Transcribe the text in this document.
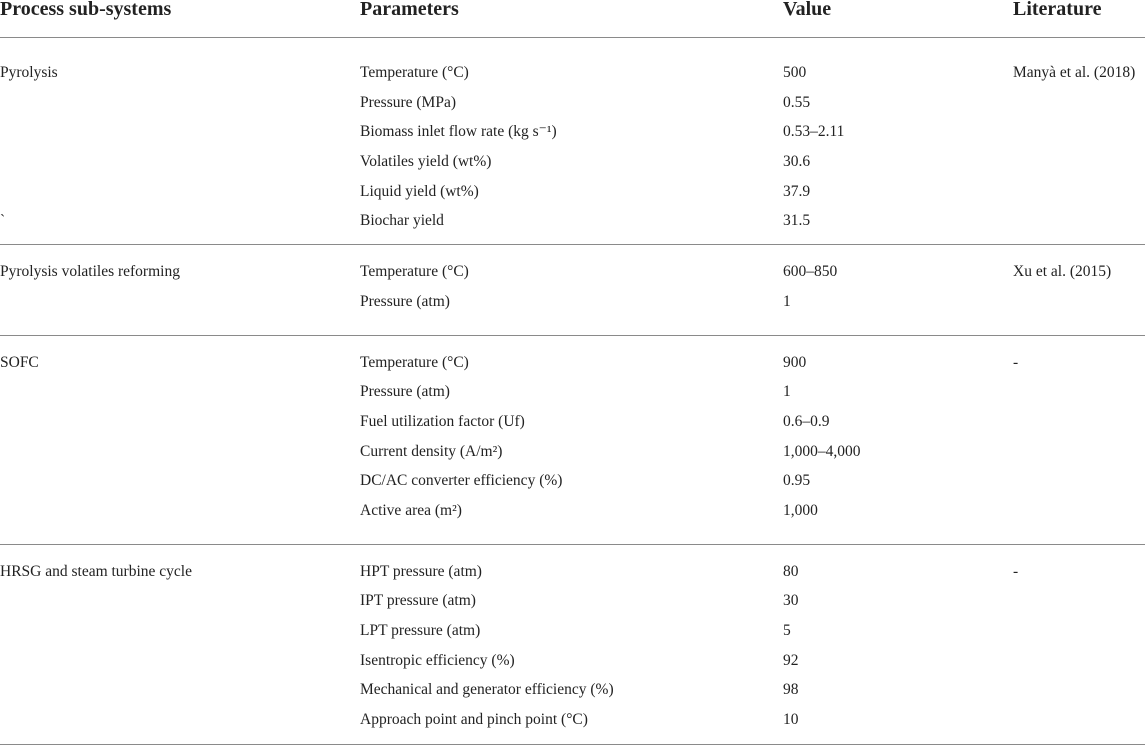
Process sub-systems	Parameters	Value	Literature
Pyrolysis	Temperature (°C)	500	Manyà et al. (2018)
Pressure (MPa)	0.55
Biomass inlet flow rate (kg s⁻¹)	0.53–2.11
Volatiles yield (wt%)	30.6
Liquid yield (wt%)	37.9
`	Biochar yield	31.5
Pyrolysis volatiles reforming	Temperature (°C)	600–850	Xu et al. (2015)
Pressure (atm)	1
SOFC	Temperature (°C)	900	-
Pressure (atm)	1
Fuel utilization factor (Uf)	0.6–0.9
Current density (A/m²)	1,000–4,000
DC/AC converter efficiency (%)	0.95
Active area (m²)	1,000
HRSG and steam turbine cycle	HPT pressure (atm)	80	-
IPT pressure (atm)	30
LPT pressure (atm)	5
Isentropic efficiency (%)	92
Mechanical and generator efficiency (%)	98
Approach point and pinch point (°C)	10
